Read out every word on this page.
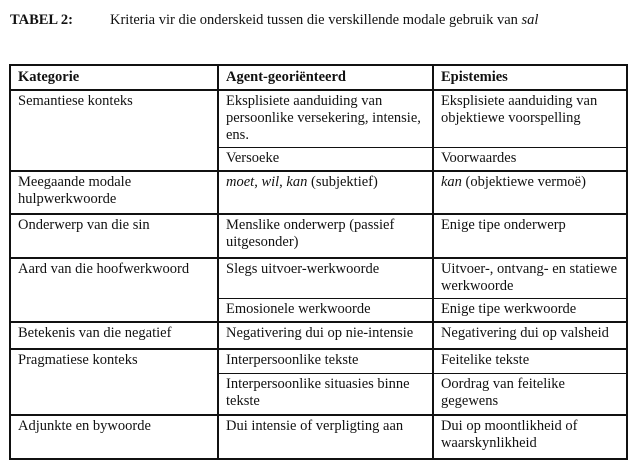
TABEL 2:	Kriteria vir die onderskeid tussen die verskillende modale gebruik van sal
Kategorie	Agent-georiënteerd	Epistemies
Semantiese konteks	Eksplisiete aanduiding van persoonlike versekering, intensie, ens.	Eksplisiete aanduiding van objektiewe voorspelling
	Versoeke	Voorwaardes
Meegaande modale hulpwerkwoorde	moet, wil, kan (subjektief)	kan (objektiewe vermoë)
Onderwerp van die sin	Menslike onderwerp (passief uitgesonder)	Enige tipe onderwerp
Aard van die hoofwerkwoord	Slegs uitvoer-werkwoorde	Uitvoer-, ontvang- en statiewe werkwoorde
	Emosionele werkwoorde	Enige tipe werkwoorde
Betekenis van die negatief	Negativering dui op nie-intensie	Negativering dui op valsheid
Pragmatiese konteks	Interpersoonlike tekste	Feitelike tekste
	Interpersoonlike situasies binne tekste	Oordrag van feitelike gegewens
Adjunkte en bywoorde	Dui intensie of verpligting aan	Dui op moontlikheid of waarskynlikheid
